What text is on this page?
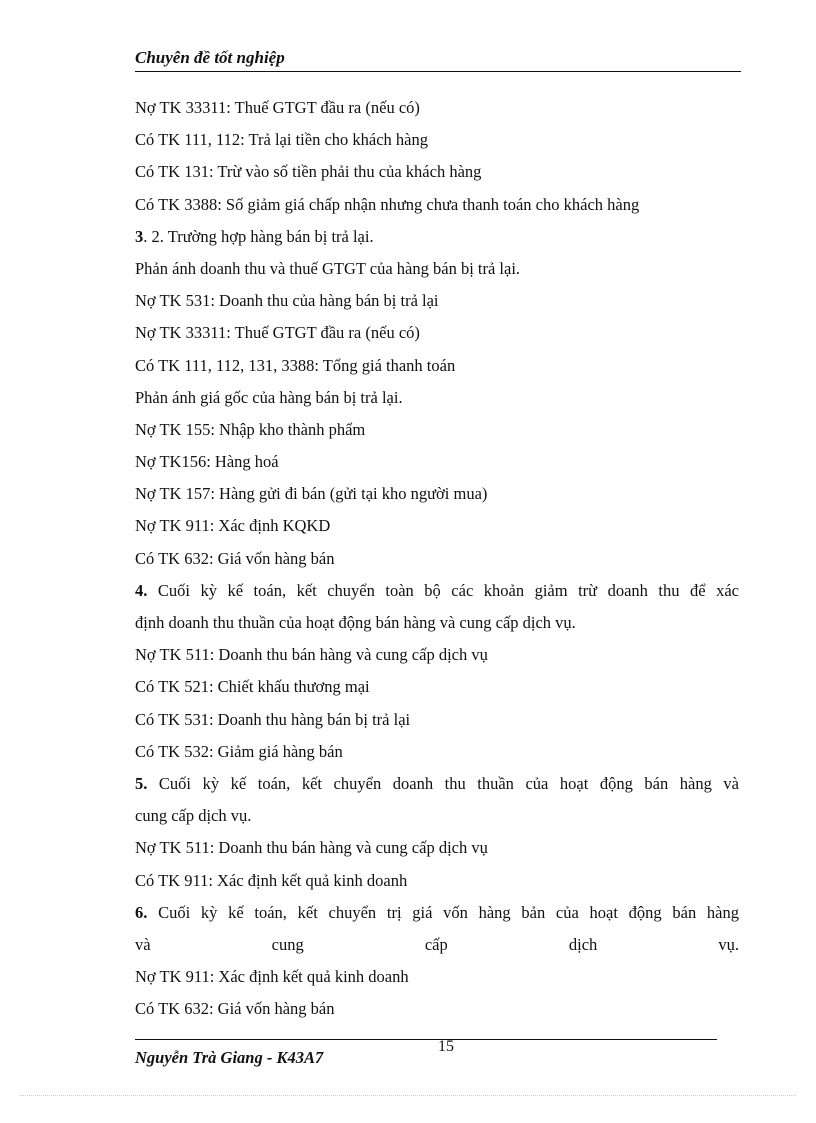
Chuyên đề tốt nghiệp
Nợ TK 33311: Thuế GTGT đầu ra (nếu có)
Có TK 111, 112: Trả lại tiền cho khách hàng
Có TK 131: Trừ vào số tiền phải thu của khách hàng
Có TK 3388: Số giảm giá chấp nhận nhưng chưa thanh toán cho khách hàng
3. 2. Trường hợp hàng bán bị trả lại.
Phản ánh doanh thu và thuế GTGT của hàng bán bị trả lại.
Nợ TK 531: Doanh thu của hàng bán bị trả lại
Nợ TK 33311: Thuế GTGT đầu ra (nếu có)
Có TK 111, 112, 131, 3388: Tổng giá thanh toán
Phản ánh giá gốc của hàng bán bị trả lại.
Nợ TK 155: Nhập kho thành phẩm
Nợ TK156: Hàng hoá
Nợ TK 157: Hàng gửi đi bán (gửi tại kho người mua)
Nợ TK 911: Xác định KQKD
Có TK 632: Giá vốn hàng bán
4. Cuối kỳ kế toán, kết chuyển toàn bộ các khoản giảm trừ doanh thu để xác
định doanh thu thuần của hoạt động bán hàng và cung cấp dịch vụ.
Nợ TK 511: Doanh thu bán hàng và cung cấp dịch vụ
Có TK 521: Chiết khấu thương mại
Có TK 531: Doanh thu hàng bán bị trả lại
Có TK 532: Giảm giá hàng bán
5. Cuối kỳ kế toán, kết chuyển doanh thu thuần của hoạt động bán hàng và
cung cấp dịch vụ.
Nợ TK 511: Doanh thu bán hàng và cung cấp dịch vụ
Có TK 911: Xác định kết quả kinh doanh
6. Cuối kỳ kế toán, kết chuyển trị giá vốn hàng bản của hoạt động bán hàng
và cung cấp dịch vụ.
Nợ TK 911: Xác định kết quả kinh doanh
Có TK 632: Giá vốn hàng bán
15
Nguyễn Trà Giang - K43A7
